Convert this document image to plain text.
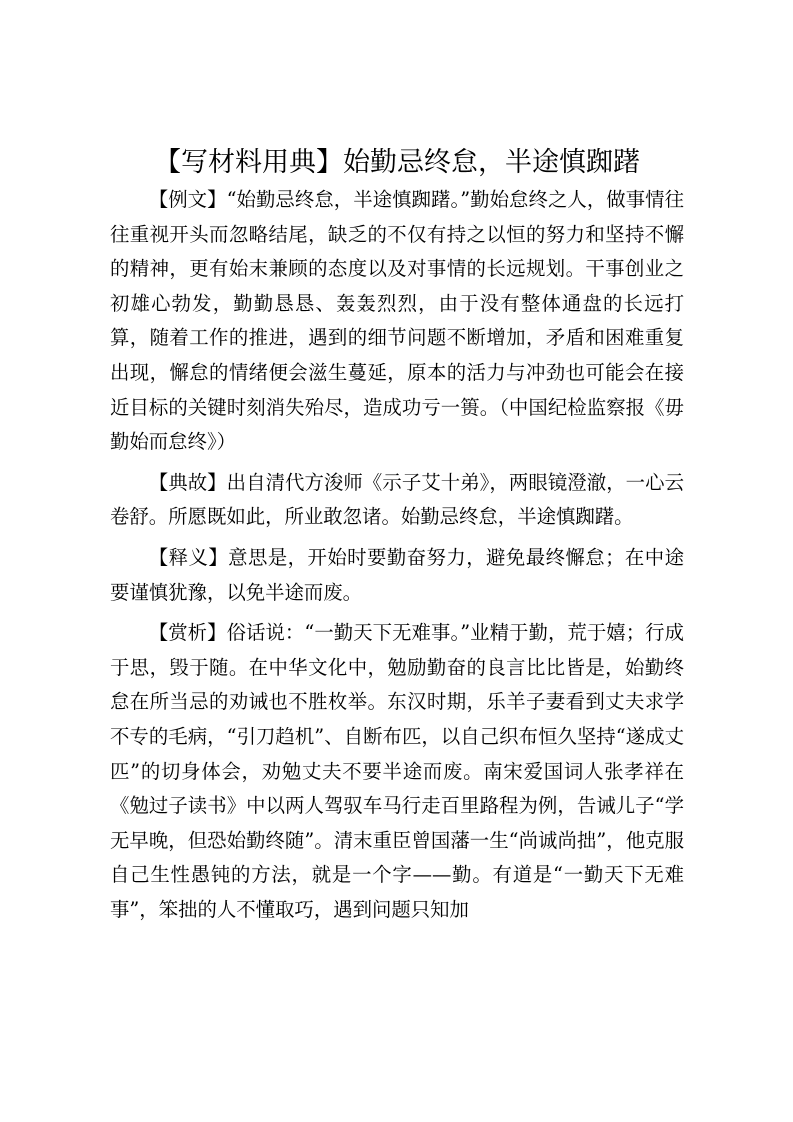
【写材料用典】始勤忌终怠，半途慎踟躇

【例文】“始勤忌终怠，半途慎踟躇。”勤始怠终之人，做事情往往重视开头而忽略结尾，缺乏的不仅有持之以恒的努力和坚持不懈的精神，更有始末兼顾的态度以及对事情的长远规划。干事创业之初雄心勃发，勤勤恳恳、轰轰烈烈，由于没有整体通盘的长远打算，随着工作的推进，遇到的细节问题不断增加，矛盾和困难重复出现，懈怠的情绪便会滋生蔓延，原本的活力与冲劲也可能会在接近目标的关键时刻消失殆尽，造成功亏一篑。（中国纪检监察报《毋勤始而怠终》）

【典故】出自清代方浚师《示子艾十弟》，两眼镜澄澈，一心云卷舒。所愿既如此，所业敢忽诸。始勤忌终怠，半途慎踟躇。

【释义】意思是，开始时要勤奋努力，避免最终懈怠；在中途要谨慎犹豫，以免半途而废。

【赏析】俗话说：“一勤天下无难事。”业精于勤，荒于嬉；行成于思，毁于随。在中华文化中，勉励勤奋的良言比比皆是，始勤终怠在所当忌的劝诫也不胜枚举。东汉时期，乐羊子妻看到丈夫求学不专的毛病，“引刀趋机”、自断布匹，以自己织布恒久坚持“遂成丈匹”的切身体会，劝勉丈夫不要半途而废。南宋爱国词人张孝祥在《勉过子读书》中以两人驾驭车马行走百里路程为例，告诫儿子“学无早晚，但恐始勤终随”。清末重臣曾国藩一生“尚诚尚拙”，他克服自己生性愚钝的方法，就是一个字——勤。有道是“一勤天下无难事”，笨拙的人不懂取巧，遇到问题只知加
